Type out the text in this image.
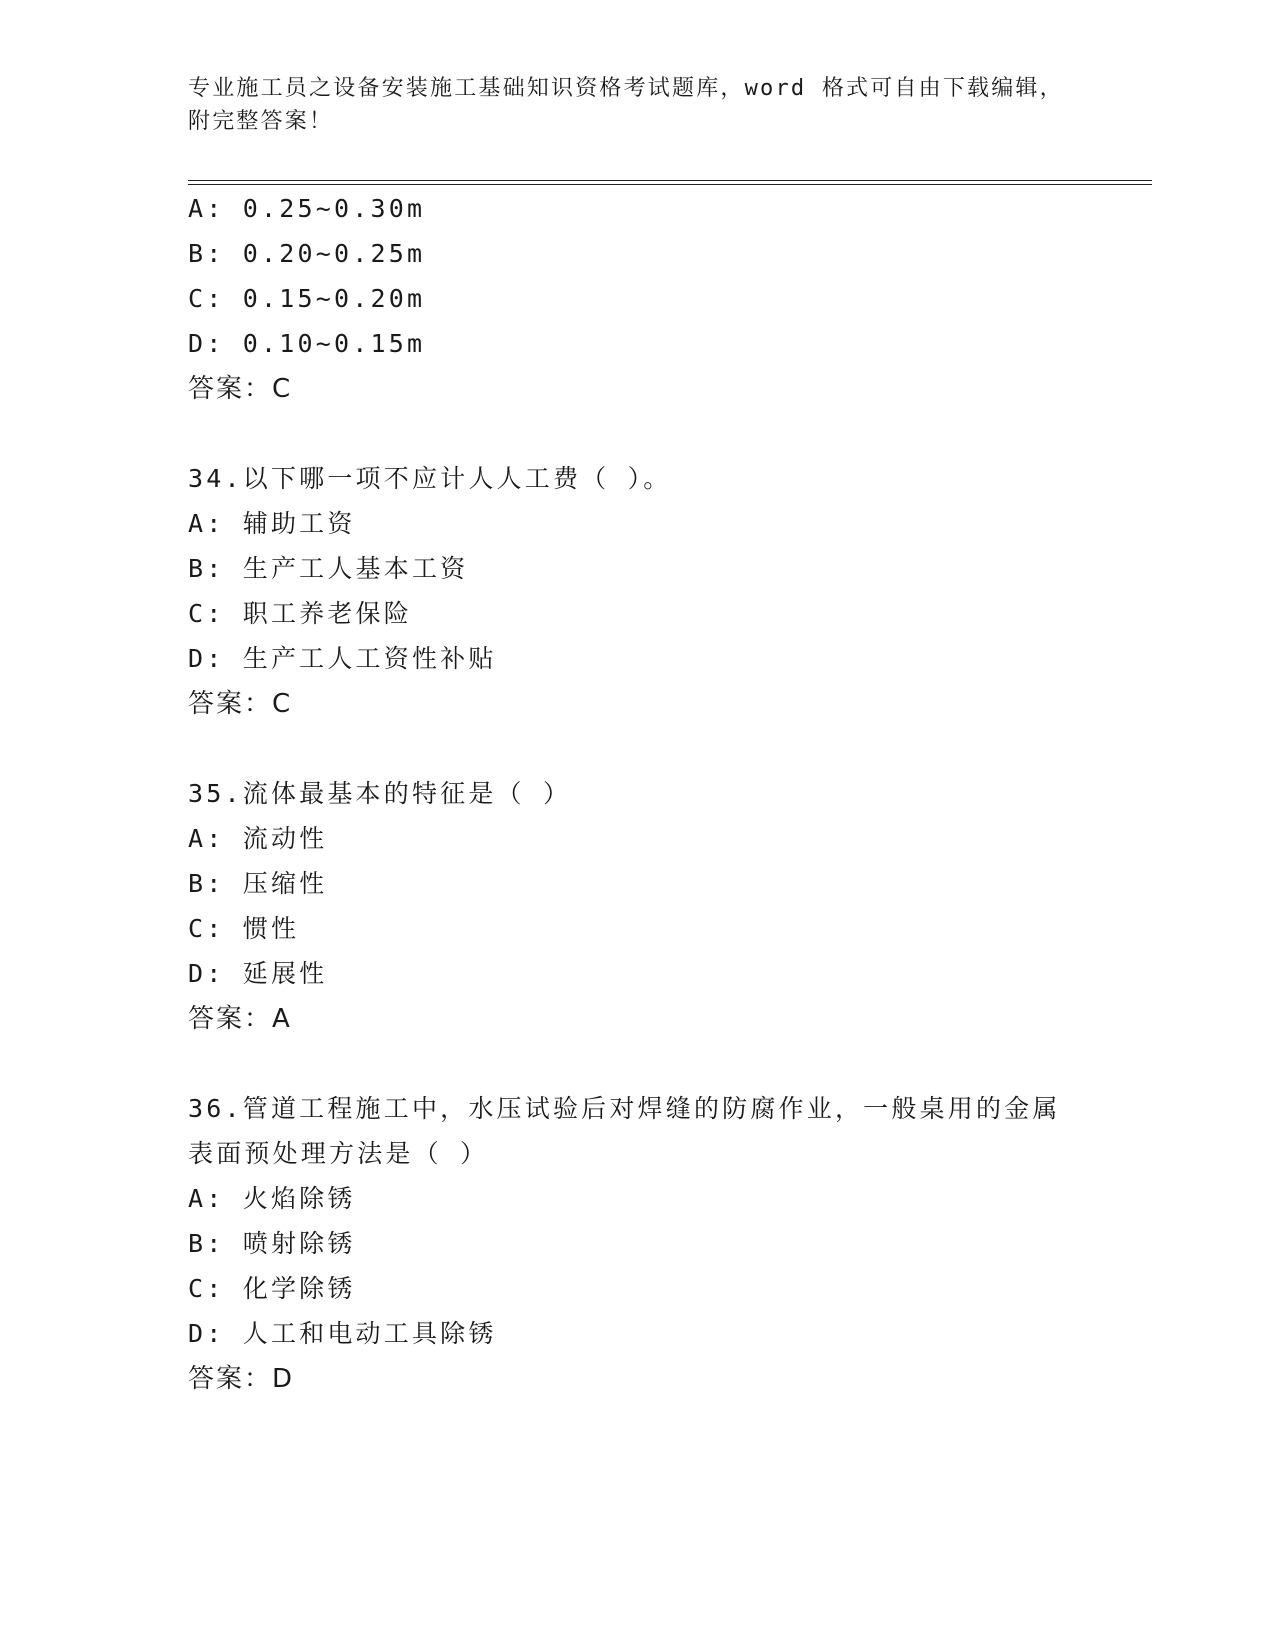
专业施工员之设备安装施工基础知识资格考试题库，word 格式可自由下载编辑，
附完整答案！
A: 0.25~0.30m
B: 0.20~0.25m
C: 0.15~0.20m
D: 0.10~0.15m
答案：C
34.以下哪一项不应计人人工费（ ）。
A: 辅助工资
B: 生产工人基本工资
C: 职工养老保险
D: 生产工人工资性补贴
答案：C
35.流体最基本的特征是（ ）
A: 流动性
B: 压缩性
C: 惯性
D: 延展性
答案：A
36.管道工程施工中，水压试验后对焊缝的防腐作业，一般桌用的金属
表面预处理方法是（ ）
A: 火焰除锈
B: 喷射除锈
C: 化学除锈
D: 人工和电动工具除锈
答案：D
